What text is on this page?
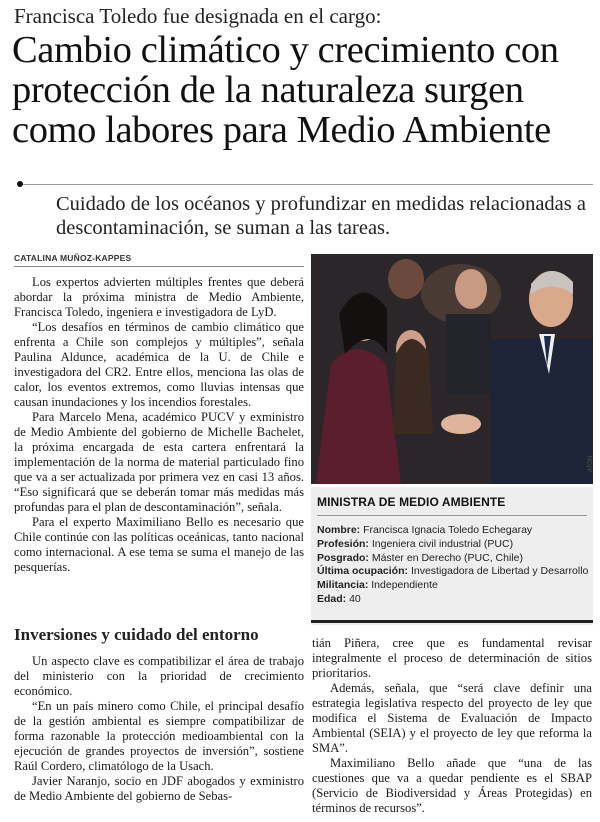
Francisca Toledo fue designada en el cargo:
Cambio climático y crecimiento con protección de la naturaleza surgen como labores para Medio Ambiente
Cuidado de los océanos y profundizar en medidas relacionadas a descontaminación, se suman a las tareas.
CATALINA MUÑOZ-KAPPES

Los expertos advierten múltiples frentes que deberá abordar la próxima ministra de Medio Ambiente, Francisca Toledo, ingeniera e investigadora de LyD.

“Los desafíos en términos de cambio climático que enfrenta a Chile son complejos y múltiples”, señala Paulina Aldunce, académica de la U. de Chile e investigadora del CR2. Entre ellos, menciona las olas de calor, los eventos extremos, como lluvias intensas que causan inundaciones y los incendios forestales.

Para Marcelo Mena, académico PUCV y exministro de Medio Ambiente del gobierno de Michelle Bachelet, la próxima encargada de esta cartera enfrentará la implementación de la norma de material particulado fino que va a ser actualizada por primera vez en casi 13 años. “Eso significará que se deberán tomar más medidas más profundas para el plan de descontaminación”, señala.

Para el experto Maximiliano Bello es necesario que Chile continúe con las políticas oceánicas, tanto nacional como internacional. A ese tema se suma el manejo de las pesquerías.

Inversiones y cuidado del entorno

Un aspecto clave es compatibilizar el área de trabajo del ministerio con la prioridad de crecimiento económico.

“En un país minero como Chile, el principal desafío de la gestión ambiental es siempre compatibilizar de forma razonable la protección medioambiental con la ejecución de grandes proyectos de inversión”, sostiene Raúl Cordero, climatólogo de la Usach.

Javier Naranjo, socio en JDF abogados y exministro de Medio Ambiente del gobierno de Sebas-

ATON
MINISTRA DE MEDIO AMBIENTE
Nombre: Francisca Ignacia Toledo Echegaray
Profesión: Ingeniera civil industrial (PUC)
Posgrado: Máster en Derecho (PUC, Chile)
Última ocupación: Investigadora de Libertad y Desarrollo
Militancia: Independiente
Edad: 40

tián Piñera, cree que es fundamental revisar integralmente el proceso de determinación de sitios prioritarios.

Además, señala, que “será clave definir una estrategia legislativa respecto del proyecto de ley que modifica el Sistema de Evaluación de Impacto Ambiental (SEIA) y el proyecto de ley que reforma la SMA”.

Maximiliano Bello añade que “una de las cuestiones que va a quedar pendiente es el SBAP (Servicio de Biodiversidad y Áreas Protegidas) en términos de recursos”.
